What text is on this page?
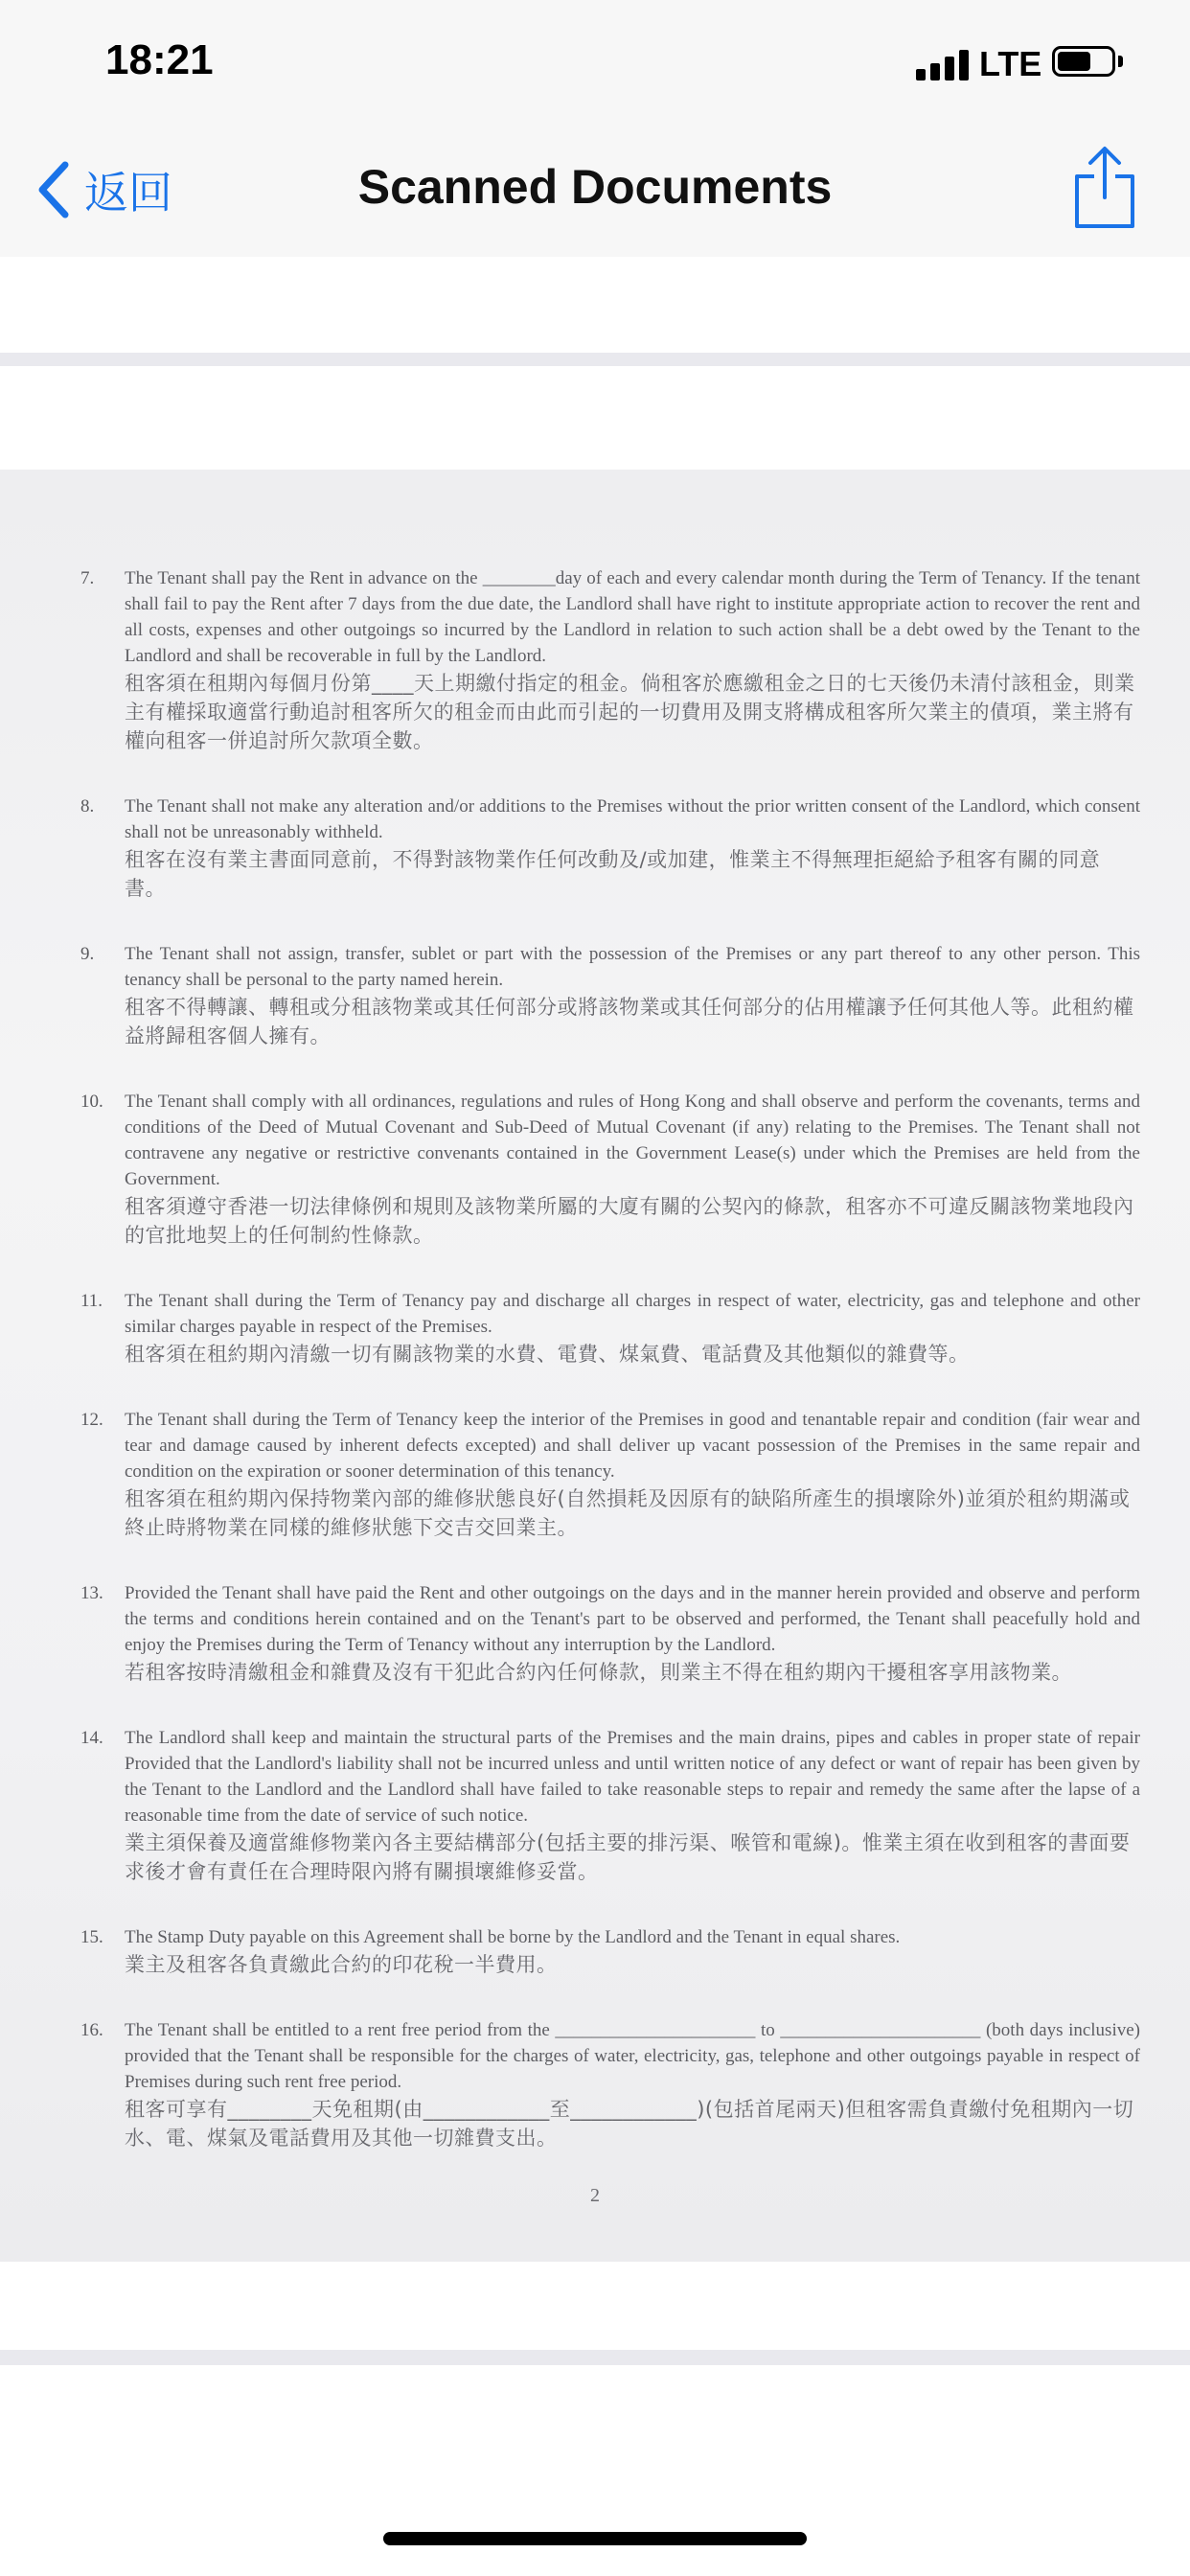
18:21	LTE
返回	Scanned Documents
7. The Tenant shall pay the Rent in advance on the ________day of each and every calendar month during the Term of Tenancy. If the tenant shall fail to pay the Rent after 7 days from the due date, the Landlord shall have right to institute appropriate action to recover the rent and all costs, expenses and other outgoings so incurred by the Landlord in relation to such action shall be a debt owed by the Tenant to the Landlord and shall be recoverable in full by the Landlord.
租客須在租期內每個月份第____天上期繳付指定的租金。倘租客於應繳租金之日的七天後仍未清付該租金，則業主有權採取適當行動追討租客所欠的租金而由此而引起的一切費用及開支將構成租客所欠業主的債項，業主將有權向租客一併追討所欠款項全數。
8. The Tenant shall not make any alteration and/or additions to the Premises without the prior written consent of the Landlord, which consent shall not be unreasonably withheld.
租客在沒有業主書面同意前，不得對該物業作任何改動及/或加建，惟業主不得無理拒絕給予租客有關的同意書。
9. The Tenant shall not assign, transfer, sublet or part with the possession of the Premises or any part thereof to any other person. This tenancy shall be personal to the party named herein.
租客不得轉讓、轉租或分租該物業或其任何部分或將該物業或其任何部分的佔用權讓予任何其他人等。此租約權益將歸租客個人擁有。
10. The Tenant shall comply with all ordinances, regulations and rules of Hong Kong and shall observe and perform the covenants, terms and conditions of the Deed of Mutual Covenant and Sub-Deed of Mutual Covenant (if any) relating to the Premises. The Tenant shall not contravene any negative or restrictive convenants contained in the Government Lease(s) under which the Premises are held from the Government.
租客須遵守香港一切法律條例和規則及該物業所屬的大廈有關的公契內的條款，租客亦不可違反關該物業地段內的官批地契上的任何制約性條款。
11. The Tenant shall during the Term of Tenancy pay and discharge all charges in respect of water, electricity, gas and telephone and other similar charges payable in respect of the Premises.
租客須在租約期內清繳一切有關該物業的水費、電費、煤氣費、電話費及其他類似的雜費等。
12. The Tenant shall during the Term of Tenancy keep the interior of the Premises in good and tenantable repair and condition (fair wear and tear and damage caused by inherent defects excepted) and shall deliver up vacant possession of the Premises in the same repair and condition on the expiration or sooner determination of this tenancy.
租客須在租約期內保持物業內部的維修狀態良好(自然損耗及因原有的缺陷所產生的損壞除外)並須於租約期滿或終止時將物業在同樣的維修狀態下交吉交回業主。
13. Provided the Tenant shall have paid the Rent and other outgoings on the days and in the manner herein provided and observe and perform the terms and conditions herein contained and on the Tenant's part to be observed and performed, the Tenant shall peacefully hold and enjoy the Premises during the Term of Tenancy without any interruption by the Landlord.
若租客按時清繳租金和雜費及沒有干犯此合約內任何條款，則業主不得在租約期內干擾租客享用該物業。
14. The Landlord shall keep and maintain the structural parts of the Premises and the main drains, pipes and cables in proper state of repair Provided that the Landlord's liability shall not be incurred unless and until written notice of any defect or want of repair has been given by the Tenant to the Landlord and the Landlord shall have failed to take reasonable steps to repair and remedy the same after the lapse of a reasonable time from the date of service of such notice.
業主須保養及適當維修物業內各主要結構部分(包括主要的排污渠、喉管和電線)。惟業主須在收到租客的書面要求後才會有責任在合理時限內將有關損壞維修妥當。
15. The Stamp Duty payable on this Agreement shall be borne by the Landlord and the Tenant in equal shares.
業主及租客各負責繳此合約的印花稅一半費用。
16. The Tenant shall be entitled to a rent free period from the ______________________ to ______________________ (both days inclusive) provided that the Tenant shall be responsible for the charges of water, electricity, gas, telephone and other outgoings payable in respect of Premises during such rent free period.
租客可享有________天免租期(由____________至____________)(包括首尾兩天)但租客需負責繳付免租期內一切水、電、煤氣及電話費用及其他一切雜費支出。
2
